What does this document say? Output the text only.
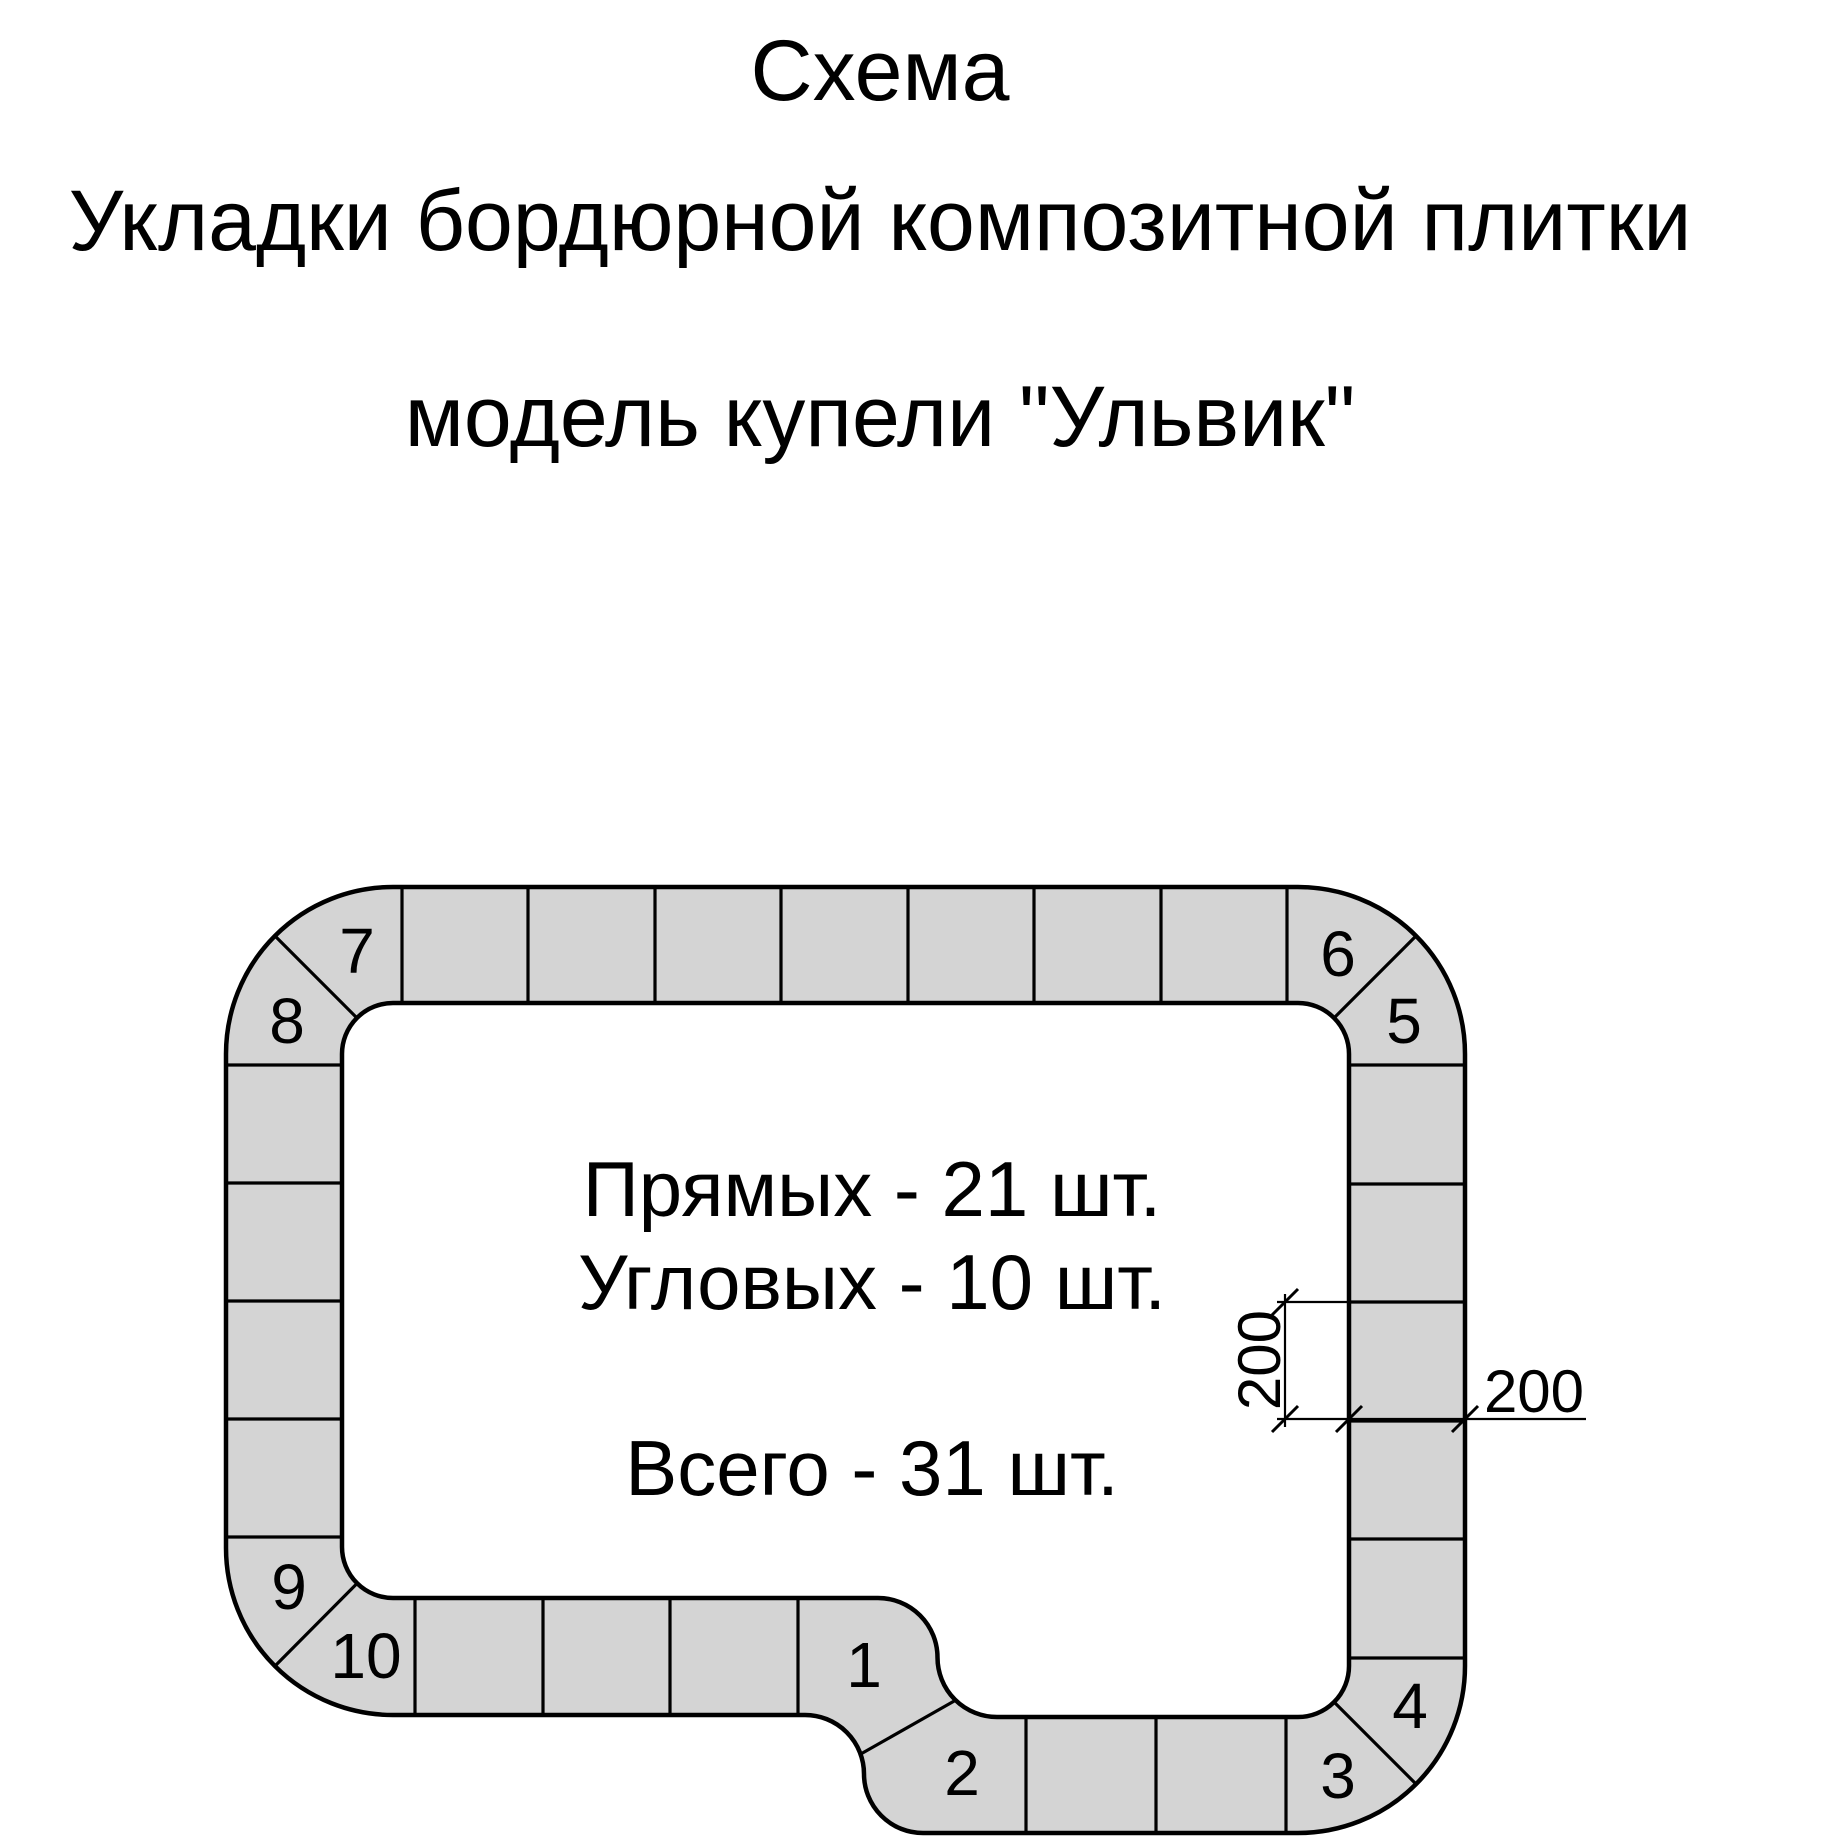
Схема
Укладки бордюрной композитной плитки
модель купели "Ульвик"
1
2	3
4
5
6
7
8
9
10
Прямых - 21 шт.
Угловых - 10 шт.
Всего - 31 шт.
200	200
